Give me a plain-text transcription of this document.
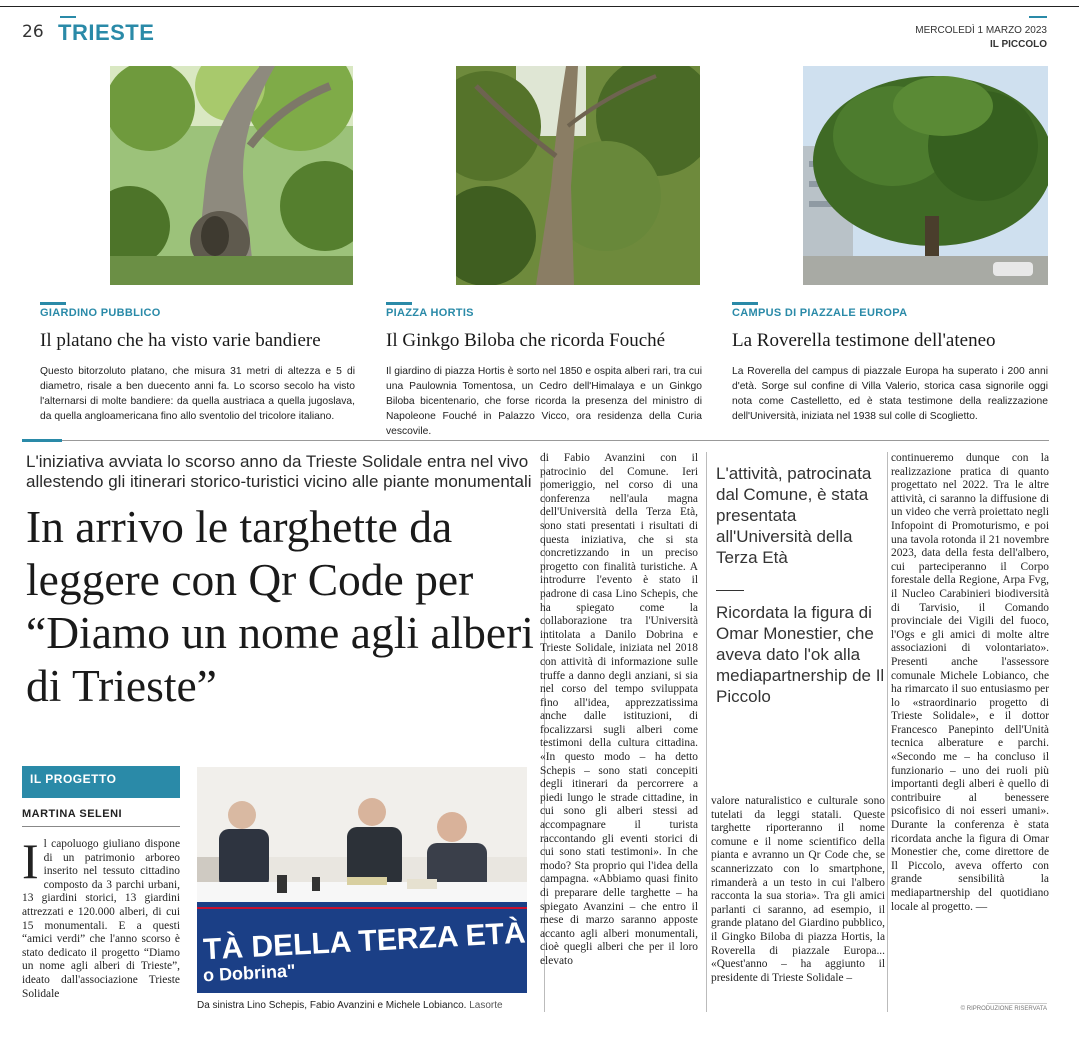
26 TRIESTE	MERCOLEDÌ 1 MARZO 2023
IL PICCOLO
GIARDINO PUBBLICO
Il platano che ha visto varie bandiere
Questo bitorzoluto platano, che misura 31 metri di altezza e 5 di diametro, risale a ben duecento anni fa. Lo scorso secolo ha visto l'alternarsi di molte bandiere: da quella austriaca a quella jugoslava, da quella angloamericana fino allo sventolio del tricolore italiano.
PIAZZA HORTIS
Il Ginkgo Biloba che ricorda Fouché
Il giardino di piazza Hortis è sorto nel 1850 e ospita alberi rari, tra cui una Paulownia Tomentosa, un Cedro dell'Himalaya e un Ginkgo Biloba bicentenario, che forse ricorda la presenza del ministro di Napoleone Fouché in Palazzo Vicco, ora residenza della Curia vescovile.
CAMPUS DI PIAZZALE EUROPA
La Roverella testimone dell'ateneo
La Roverella del campus di piazzale Europa ha superato i 200 anni d'età. Sorge sul confine di Villa Valerio, storica casa signorile oggi nota come Castelletto, ed è stata testimone della realizzazione dell'Università, iniziata nel 1938 sul colle di Scoglietto.
L'iniziativa avviata lo scorso anno da Trieste Solidale entra nel vivo allestendo gli itinerari storico-turistici vicino alle piante monumentali
In arrivo le targhette da leggere con Qr Code per “Diamo un nome agli alberi di Trieste”
IL PROGETTO
MARTINA SELENI
Il capoluogo giuliano dispone di un patrimonio arboreo inserito nel tessuto cittadino composto da 3 parchi urbani, 13 giardini storici, 13 giardini attrezzati e 120.000 alberi, di cui 15 monumentali. E a questi “amici verdi” che l'anno scorso è stato dedicato il progetto “Diamo un nome agli alberi di Trieste”, ideato dall'associazione Trieste Solidale
TÀ DELLA TERZA ETÀ
o Dobrina"
Da sinistra Lino Schepis, Fabio Avanzini e Michele Lobianco. Lasorte
di Fabio Avanzini con il patrocinio del Comune. Ieri pomeriggio, nel corso di una conferenza nell'aula magna dell'Università della Terza Età, sono stati presentati i risultati di questa iniziativa, che si sta concretizzando in un preciso progetto con finalità turistiche. A introdurre l'evento è stato il padrone di casa Lino Schepis, che ha spiegato come la collaborazione tra l'Università intitolata a Danilo Dobrina e Trieste Solidale, iniziata nel 2018 con attività di informazione sulle truffe a danno degli anziani, si sia nel corso del tempo sviluppata fino all'idea, apprezzatissima anche dalle istituzioni, di focalizzarsi sugli alberi come testimoni della cultura cittadina. «In questo modo – ha detto Schepis – sono stati concepiti degli itinerari da percorrere a piedi lungo le strade cittadine, in cui sono gli alberi stessi ad accompagnare il turista raccontando gli eventi storici di cui sono stati testimoni». In che modo? Sta proprio qui l'idea della campagna. «Abbiamo quasi finito di preparare delle targhette – ha spiegato Avanzini – che entro il mese di marzo saranno apposte accanto agli alberi monumentali, cioè quegli alberi che per il loro elevato
L'attività, patrocinata dal Comune, è stata presentata all'Università della Terza Età
Ricordata la figura di Omar Monestier, che aveva dato l'ok alla mediapartnership de Il Piccolo
valore naturalistico e culturale sono tutelati da leggi statali. Queste targhette riporteranno il nome comune e il nome scientifico della pianta e avranno un Qr Code che, se scannerizzato con lo smartphone, rimanderà a un testo in cui l'albero racconta la sua storia». Tra gli amici parlanti ci saranno, ad esempio, il grande platano del Giardino pubblico, il Gingko Biloba di piazza Hortis, la Roverella di piazzale Europa... «Quest'anno – ha aggiunto il presidente di Trieste Solidale –
continueremo dunque con la realizzazione pratica di quanto progettato nel 2022. Tra le altre attività, ci saranno la diffusione di un video che verrà proiettato negli Infopoint di Promoturismo, e poi una tavola rotonda il 21 novembre 2023, data della festa dell'albero, cui parteciperanno il Corpo forestale della Regione, Arpa Fvg, il Nucleo Carabinieri biodiversità di Tarvisio, il Comando provinciale dei Vigili del fuoco, l'Ogs e gli amici di molte altre associazioni di volontariato». Presenti anche l'assessore comunale Michele Lobianco, che ha rimarcato il suo entusiasmo per lo «straordinario progetto di Trieste Solidale», e il dottor Francesco Panepinto dell'Unità tecnica alberature e parchi. «Secondo me – ha concluso il funzionario – uno dei ruoli più importanti degli alberi è quello di contribuire al benessere psicofisico di noi esseri umani». Durante la conferenza è stata ricordata anche la figura di Omar Monestier che, come direttore de Il Piccolo, aveva offerto con grande sensibilità la mediapartnership del quotidiano locale al progetto. —
© RIPRODUZIONE RISERVATA
